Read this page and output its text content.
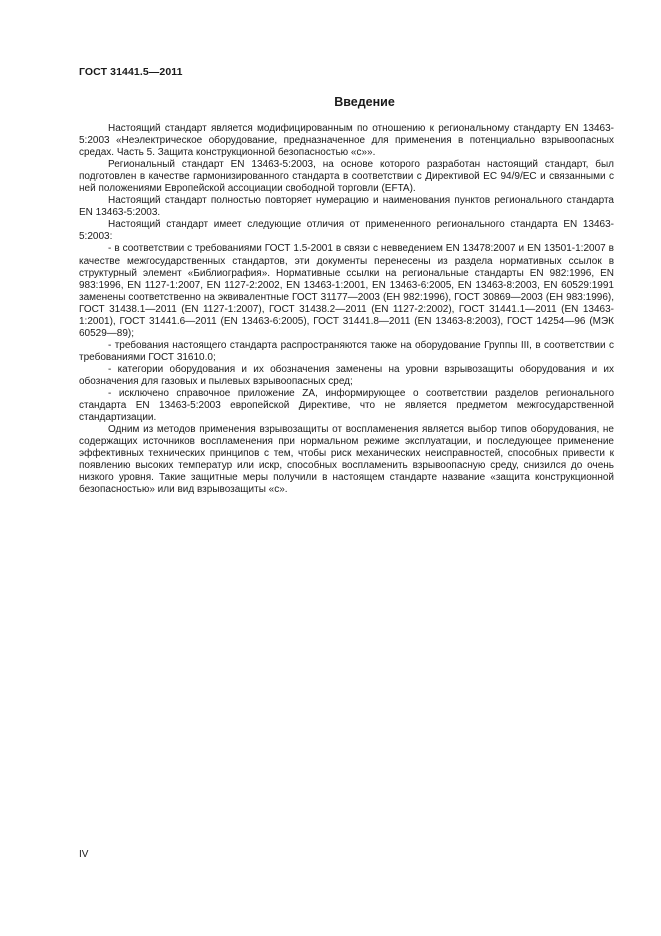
ГОСТ 31441.5—2011
Введение

Настоящий стандарт является модифицированным по отношению к региональному стандарту EN 13463-5:2003 «Неэлектрическое оборудование, предназначенное для применения в потенциально взрывоопасных средах. Часть 5. Защита конструкционной безопасностью «с»».

Региональный стандарт EN 13463-5:2003, на основе которого разработан настоящий стандарт, был подготовлен в качестве гармонизированного стандарта в соответствии с Директивой ЕС 94/9/ЕС и связанными с ней положениями Европейской ассоциации свободной торговли (EFTA).

Настоящий стандарт полностью повторяет нумерацию и наименования пунктов регионального стандарта EN 13463-5:2003.

Настоящий стандарт имеет следующие отличия от примененного регионального стандарта EN 13463-5:2003:

- в соответствии с требованиями ГОСТ 1.5-2001 в связи с невведением EN 13478:2007 и EN 13501-1:2007 в качестве межгосударственных стандартов, эти документы перенесены из раздела нормативных ссылок в структурный элемент «Библиография». Нормативные ссылки на региональные стандарты EN 982:1996, EN 983:1996, EN 1127-1:2007, EN 1127-2:2002, EN 13463-1:2001, EN 13463-6:2005, EN 13463-8:2003, EN 60529:1991 заменены соответственно на эквивалентные ГОСТ 31177—2003 (ЕН 982:1996), ГОСТ 30869—2003 (ЕН 983:1996), ГОСТ 31438.1—2011 (EN 1127-1:2007), ГОСТ 31438.2—2011 (EN 1127-2:2002), ГОСТ 31441.1—2011 (EN 13463-1:2001), ГОСТ 31441.6—2011 (EN 13463-6:2005), ГОСТ 31441.8—2011 (EN 13463-8:2003), ГОСТ 14254—96 (МЭК 60529—89);

- требования настоящего стандарта распространяются также на оборудование Группы III, в соответствии с требованиями ГОСТ 31610.0;

- категории оборудования и их обозначения заменены на уровни взрывозащиты оборудования и их обозначения для газовых и пылевых взрывоопасных сред;

- исключено справочное приложение ZA, информирующее о соответствии разделов регионального стандарта EN 13463-5:2003 европейской Директиве, что не является предметом межгосударственной стандартизации.

Одним из методов применения взрывозащиты от воспламенения является выбор типов оборудования, не содержащих источников воспламенения при нормальном режиме эксплуатации, и последующее применение эффективных технических принципов с тем, чтобы риск механических неисправностей, способных привести к появлению высоких температур или искр, способных воспламенить взрывоопасную среду, снизился до очень низкого уровня. Такие защитные меры получили в настоящем стандарте название «защита конструкционной безопасностью» или вид взрывозащиты «с».

IV
